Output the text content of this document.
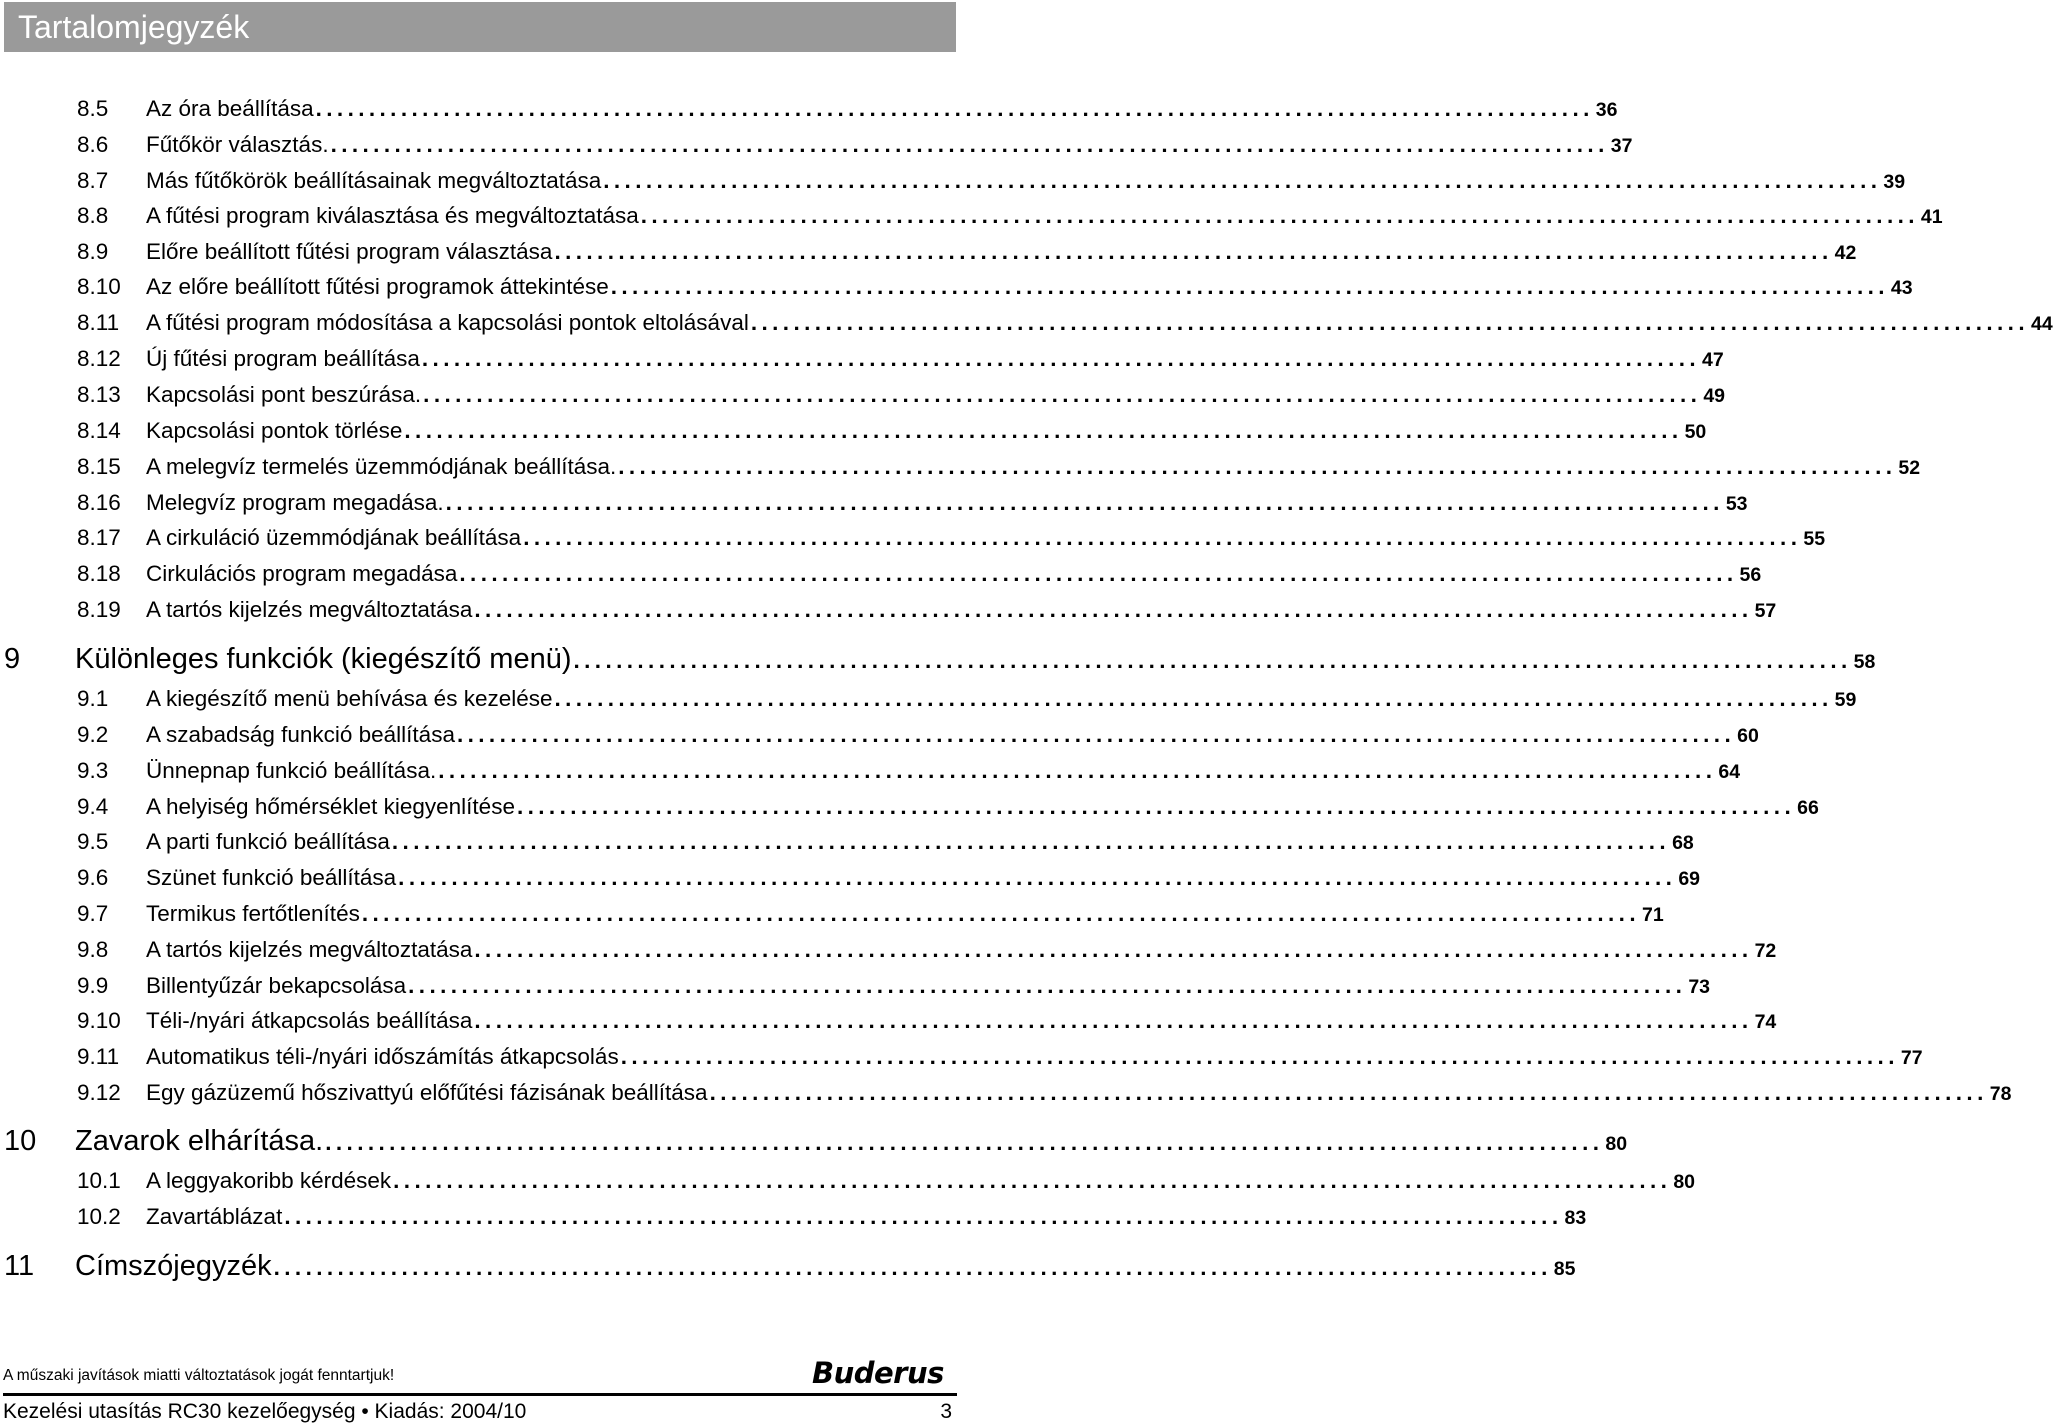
Tartalomjegyzék
8.5 Az óra beállítása ........................................................................................................................ 36
8.6 Fűtőkör választás. ........................................................................................................................ 37
8.7 Más fűtőkörök beállításainak megváltoztatása ........................................................................................................................ 39
8.8 A fűtési program kiválasztása és megváltoztatása ........................................................................................................................ 41
8.9 Előre beállított fűtési program választása ........................................................................................................................ 42
8.10 Az előre beállított fűtési programok áttekintése ........................................................................................................................ 43
8.11 A fűtési program módosítása a kapcsolási pontok eltolásával ........................................................................................................................ 44
8.12 Új fűtési program beállítása ........................................................................................................................ 47
8.13 Kapcsolási pont beszúrása. ........................................................................................................................ 49
8.14 Kapcsolási pontok törlése ........................................................................................................................ 50
8.15 A melegvíz termelés üzemmódjának beállítása. ........................................................................................................................ 52
8.16 Melegvíz program megadása. ........................................................................................................................ 53
8.17 A cirkuláció üzemmódjának beállítása ........................................................................................................................ 55
8.18 Cirkulációs program megadása ........................................................................................................................ 56
8.19 A tartós kijelzés megváltoztatása ........................................................................................................................ 57
9 Különleges funkciók (kiegészítő menü) ........................................................................................................................ 58
9.1 A kiegészítő menü behívása és kezelése ........................................................................................................................ 59
9.2 A szabadság funkció beállítása ........................................................................................................................ 60
9.3 Ünnepnap funkció beállítása. ........................................................................................................................ 64
9.4 A helyiség hőmérséklet kiegyenlítése ........................................................................................................................ 66
9.5 A parti funkció beállítása ........................................................................................................................ 68
9.6 Szünet funkció beállítása ........................................................................................................................ 69
9.7 Termikus fertőtlenítés ........................................................................................................................ 71
9.8 A tartós kijelzés megváltoztatása ........................................................................................................................ 72
9.9 Billentyűzár bekapcsolása ........................................................................................................................ 73
9.10 Téli-/nyári átkapcsolás beállítása ........................................................................................................................ 74
9.11 Automatikus téli-/nyári időszámítás átkapcsolás ........................................................................................................................ 77
9.12 Egy gázüzemű hőszivattyú előfűtési fázisának beállítása ........................................................................................................................ 78
10 Zavarok elhárítása. ........................................................................................................................ 80
10.1 A leggyakoribb kérdések ........................................................................................................................ 80
10.2 Zavartáblázat ........................................................................................................................ 83
11 Címszójegyzék ........................................................................................................................ 85
A műszaki javítások miatti változtatások jogát fenntartjuk!	Buderus
Kezelési utasítás RC30 kezelőegység • Kiadás: 2004/10	3
